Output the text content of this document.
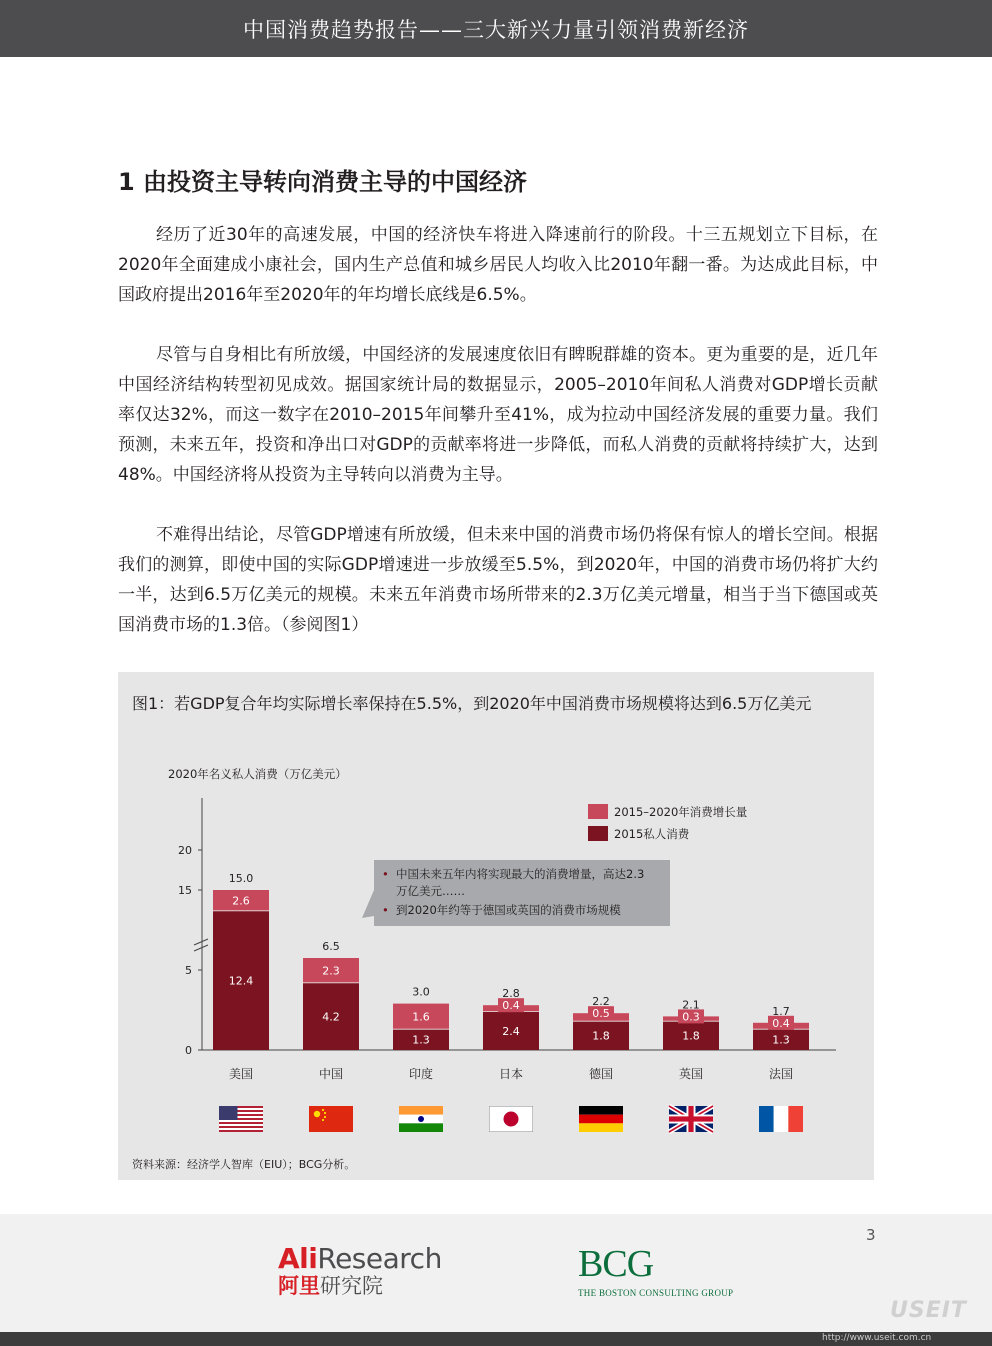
中国消费趋势报告——三大新兴力量引领消费新经济
1 由投资主导转向消费主导的中国经济

经历了近30年的高速发展，中国的经济快车将进入降速前行的阶段。十三五规划立下目标，在2020年全面建成小康社会，国内生产总值和城乡居民人均收入比2010年翻一番。为达成此目标，中国政府提出2016年至2020年的年均增长底线是6.5%。

尽管与自身相比有所放缓，中国经济的发展速度依旧有睥睨群雄的资本。更为重要的是，近几年中国经济结构转型初见成效。据国家统计局的数据显示，2005–2010年间私人消费对GDP增长贡献率仅达32%，而这一数字在2010–2015年间攀升至41%，成为拉动中国经济发展的重要力量。我们预测，未来五年，投资和净出口对GDP的贡献率将进一步降低，而私人消费的贡献将持续扩大，达到48%。中国经济将从投资为主导转向以消费为主导。

不难得出结论，尽管GDP增速有所放缓，但未来中国的消费市场仍将保有惊人的增长空间。根据我们的测算，即使中国的实际GDP增速进一步放缓至5.5%，到2020年，中国的消费市场仍将扩大约一半，达到6.5万亿美元的规模。未来五年消费市场所带来的2.3万亿美元增量，相当于当下德国或英国消费市场的1.3倍。（参阅图1）

图1：若GDP复合年均实际增长率保持在5.5%，到2020年中国消费市场规模将达到6.5万亿美元

2020年名义私人消费（万亿美元）
0
5
15
20
2.6
12.4
15.0
美国
2.3
4.2
6.5
中国
1.6
1.3
3.0
印度
0.4
2.4
2.8
日本
0.5
1.8
2.2
德国
0.3
1.8
2.1
英国
0.4
1.3
1.7
法国
2015–2020年消费增长量
2015私人消费
• 中国未来五年内将实现最大的消费增量，高达2.3
万亿美元……
• 到2020年约等于德国或英国的消费市场规模
资料来源：经济学人智库（EIU）；BCG分析。
3
AliResearch
阿里研究院
BCG
THE BOSTON CONSULTING GROUP
USEIT
http://www.useit.com.cn
